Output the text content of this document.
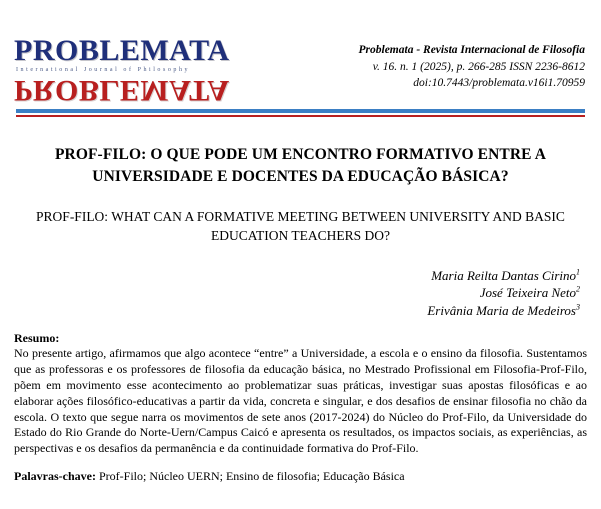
PROBLEMATA
International Journal of Philosophy
PROBLEMATA
Problemata - Revista Internacional de Filosofia
v. 16. n. 1 (2025), p. 266-285 ISSN 2236-8612
doi:10.7443/problemata.v16i1.70959
PROF-FILO: O QUE PODE UM ENCONTRO FORMATIVO ENTRE A UNIVERSIDADE E DOCENTES DA EDUCAÇÃO BÁSICA?
PROF-FILO: WHAT CAN A FORMATIVE MEETING BETWEEN UNIVERSITY AND BASIC EDUCATION TEACHERS DO?
Maria Reilta Dantas Cirino$^1$
José Teixeira Neto$^2$
Erivânia Maria de Medeiros$^3$
Resumo:

No presente artigo, afirmamos que algo acontece “entre” a Universidade, a escola e o ensino da filosofia. Sustentamos que as professoras e os professores de filosofia da educação básica, no Mestrado Profissional em Filosofia-Prof-Filo, põem em movimento esse acontecimento ao problematizar suas práticas, investigar suas apostas filosóficas e ao elaborar ações filosófico-educativas a partir da vida, concreta e singular, e dos desafios de ensinar filosofia no chão da escola. O texto que segue narra os movimentos de sete anos (2017-2024) do Núcleo do Prof-Filo, da Universidade do Estado do Rio Grande do Norte-Uern/Campus Caicó e apresenta os resultados, os impactos sociais, as experiências, as perspectivas e os desafios da permanência e da continuidade formativa do Prof-Filo.

Palavras-chave: Prof-Filo; Núcleo UERN; Ensino de filosofia; Educação Básica
